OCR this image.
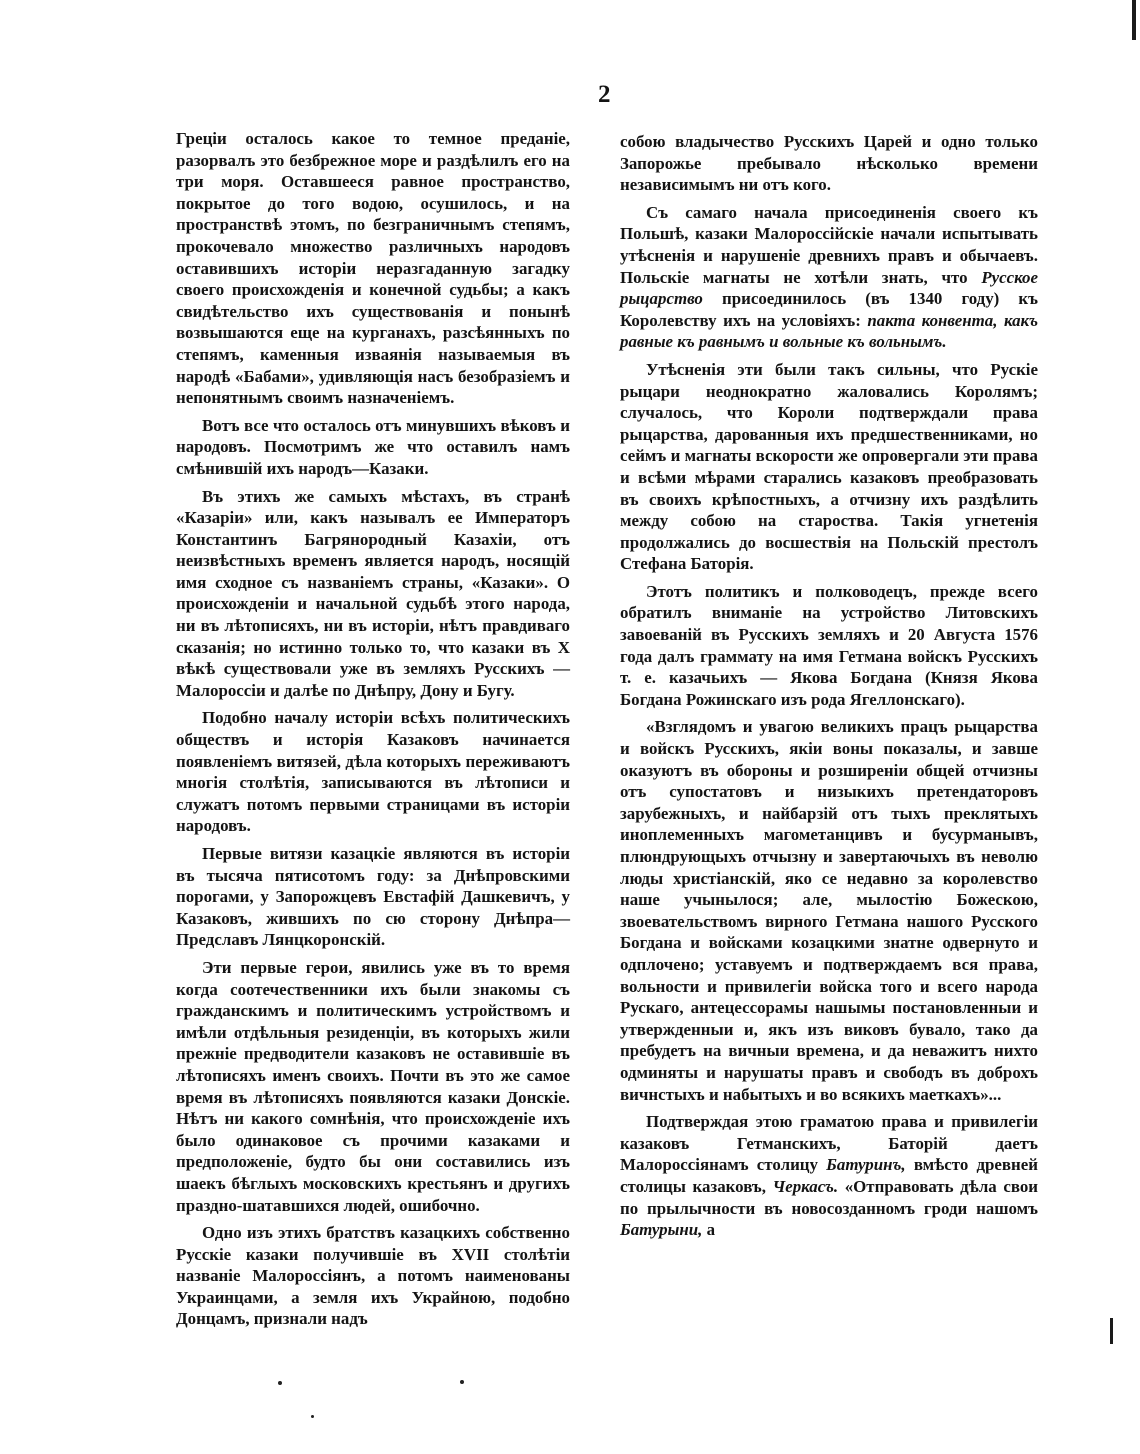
2

Греціи осталось какое то темное преданіе, разорвалъ это безбрежное море и раздѣлилъ его на три моря. Оставшееся равное пространство, покрытое до того водою, осушилось, и на пространствѣ этомъ, по безграничнымъ степямъ, прокочевало множество различныхъ народовъ оставившихъ исторіи неразгаданную загадку своего происхожденія и конечной судьбы; а какъ свидѣтельство ихъ существованія и понынѣ возвышаются еще на курганахъ, разсѣянныхъ по степямъ, каменныя изваянія называемыя въ народѣ «Бабами», удивляющія насъ безобразіемъ и непонятнымъ своимъ назначеніемъ.

Вотъ все что осталось отъ минувшихъ вѣковъ и народовъ. Посмотримъ же что оставилъ намъ смѣнившій ихъ народъ—Казаки.

Въ этихъ же самыхъ мѣстахъ, въ странѣ «Казаріи» или, какъ называлъ ее Императоръ Константинъ Багрянородный Казахіи, отъ неизвѣстныхъ временъ является народъ, носящій имя сходное съ названіемъ страны, «Казаки». О происхожденіи и начальной судьбѣ этого народа, ни въ лѣтописяхъ, ни въ исторіи, нѣтъ правдиваго сказанія; но истинно только то, что казаки въ X вѣкѣ существовали уже въ земляхъ Русскихъ — Малороссіи и далѣе по Днѣпру, Дону и Бугу.

Подобно началу исторіи всѣхъ политическихъ обществъ и исторія Казаковъ начинается появленіемъ витязей, дѣла которыхъ переживаютъ многія столѣтія, записываются въ лѣтописи и служатъ потомъ первыми страницами въ исторіи народовъ.

Первые витязи казацкіе являются въ исторіи въ тысяча пятисотомъ году: за Днѣпровскими порогами, у Запорожцевъ Евстафій Дашкевичъ, у Казаковъ, жившихъ по сю сторону Днѣпра—Предславъ Лянцкоронскій.

Эти первые герои, явились уже въ то время когда соотечественники ихъ были знакомы съ гражданскимъ и политическимъ устройствомъ и имѣли отдѣльныя резиденціи, въ которыхъ жили прежніе предводители казаковъ не оставившіе въ лѣтописяхъ именъ своихъ. Почти въ это же самое время въ лѣтописяхъ появляются казаки Донскіе. Нѣтъ ни какого сомнѣнія, что происхожденіе ихъ было одинаковое съ прочими казаками и предположеніе, будто бы они составились изъ шаекъ бѣглыхъ московскихъ крестьянъ и другихъ праздно-шатавшихся людей, ошибочно.

Одно изъ этихъ братствъ казацкихъ собственно Русскіе казаки получившіе въ XVII столѣтіи названіе Малороссіянъ, а потомъ наименованы Украинцами, а земля ихъ Украйною, подобно Донцамъ, признали надъ

собою владычество Русскихъ Царей и одно только Запорожье пребывало нѣсколько времени независимымъ ни отъ кого.

Съ самаго начала присоединенія своего къ Польшѣ, казаки Малороссійскіе начали испытывать утѣсненія и нарушеніе древнихъ правъ и обычаевъ. Польскіе магнаты не хотѣли знать, что Русское рыцарство присоединилось (въ 1340 году) къ Королевству ихъ на условіяхъ: пакта конвента, какъ равные къ равнымъ и вольные къ вольнымъ.

Утѣсненія эти были такъ сильны, что Рускіе рыцари неоднократно жаловались Королямъ; случалось, что Короли подтверждали права рыцарства, дарованныя ихъ предшественниками, но сеймъ и магнаты вскорости же опровергали эти права и всѣми мѣрами старались казаковъ преобразовать въ своихъ крѣпостныхъ, а отчизну ихъ раздѣлить между собою на староства. Такія угнетенія продолжались до восшествія на Польскій престолъ Стефана Баторія.

Этотъ политикъ и полководецъ, прежде всего обратилъ вниманіе на устройство Литовскихъ завоеваній въ Русскихъ земляхъ и 20 Августа 1576 года далъ граммату на имя Гетмана войскъ Русскихъ т. е. казачьихъ — Якова Богдана (Князя Якова Богдана Рожинскаго изъ рода Ягеллонскаго).

«Взглядомъ и увагою великихъ працъ рыцарства и войскъ Русскихъ, якіи воны показалы, и завше оказуютъ въ обороны и розширеніи общей отчизны отъ супостатовъ и низыкихъ претендаторовъ зарубежныхъ, и найбарзій отъ тыхъ преклятыхъ иноплеменныхъ магометанцивъ и бусурманывъ, плюндрующыхъ отчызну и завертаючыхъ въ неволю люды христіанскій, яко се недавно за королевство наше учынылося; але, мылостію Божескою, звоевательствомъ вирного Гетмана нашого Русского Богдана и войсками козацкими знатне одвернуто и одплочено; уставуемъ и подтверждаемъ вся права, вольности и привилегіи войска того и всего народа Рускаго, антецессорамы нашымы постановленныи и утвержденныи и, якъ изъ виковъ бувало, тако да пребудетъ на вичныи времена, и да неважитъ нихто одминяты и нарушаты правъ и свободъ въ доброхъ вичнстыхъ и набытыхъ и во всякихъ маеткахъ»...

Подтверждая этою граматою права и привилегіи казаковъ Гетманскихъ, Баторій даетъ Малороссіянамъ столицу Батуринъ, вмѣсто древней столицы казаковъ, Черкасъ. «Отправовать дѣла свои по прылычности въ новосозданномъ гроди нашомъ Батурыни, а
